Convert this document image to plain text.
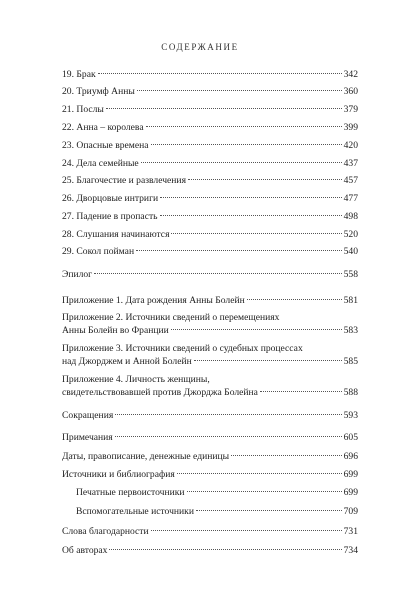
СОДЕРЖАНИЕ
19. Брак	342
20. Триумф Анны	360
21. Послы	379
22. Анна – королева	399
23. Опасные времена	420
24. Дела семейные	437
25. Благочестие и развлечения	457
26. Дворцовые интриги	477
27. Падение в пропасть	498
28. Слушания начинаются	520
29. Сокол пойман	540
Эпилог	558
Приложение 1. Дата рождения Анны Болейн	581
Приложение 2. Источники сведений о перемещениях
Анны Болейн во Франции	583
Приложение 3. Источники сведений о судебных процессах
над Джорджем и Анной Болейн	585
Приложение 4. Личность женщины,
свидетельствовавшей против Джорджа Болейна	588
Сокращения	593
Примечания	605
Даты, правописание, денежные единицы	696
Источники и библиография	699
Печатные первоисточники	699
Вспомогательные источники	709
Слова благодарности	731
Об авторах	734
